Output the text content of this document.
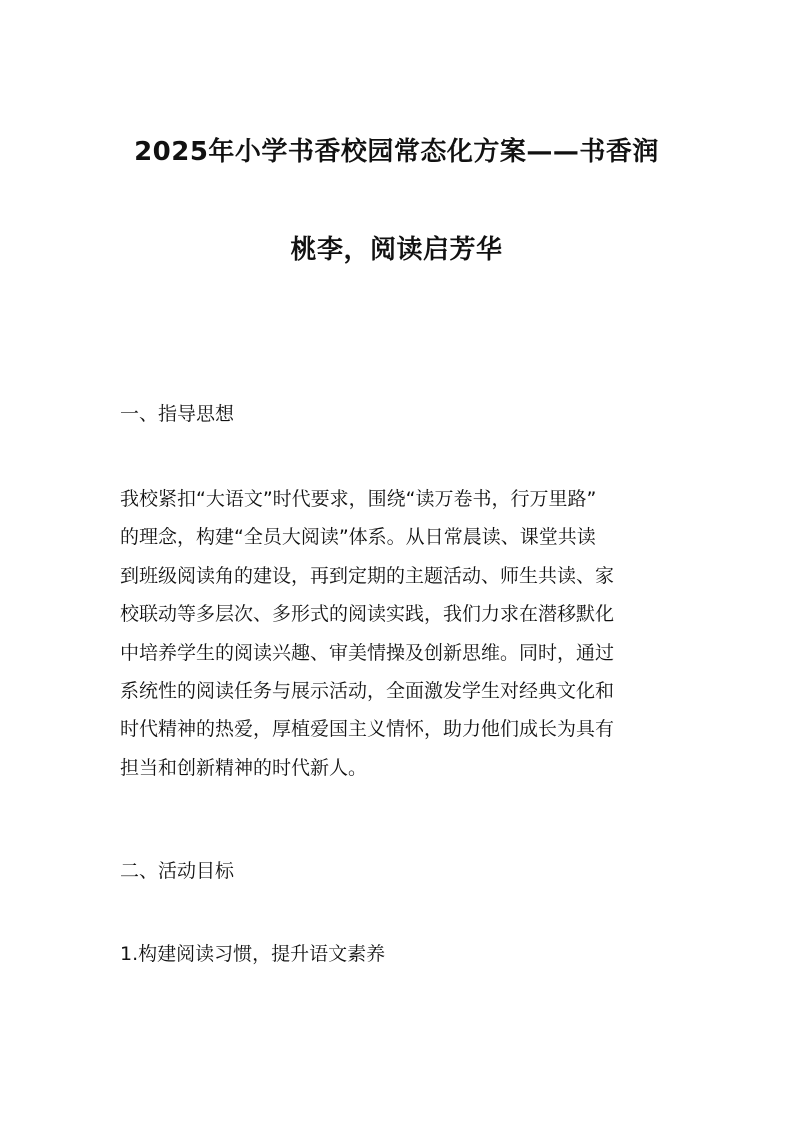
2025年小学书香校园常态化方案——书香润
桃李，阅读启芳华
一、指导思想
我校紧扣“大语文”时代要求，围绕“读万卷书，行万里路”
的理念，构建“全员大阅读”体系。从日常晨读、课堂共读
到班级阅读角的建设，再到定期的主题活动、师生共读、家
校联动等多层次、多形式的阅读实践，我们力求在潜移默化
中培养学生的阅读兴趣、审美情操及创新思维。同时，通过
系统性的阅读任务与展示活动，全面激发学生对经典文化和
时代精神的热爱，厚植爱国主义情怀，助力他们成长为具有
担当和创新精神的时代新人。
二、活动目标
1.构建阅读习惯，提升语文素养
